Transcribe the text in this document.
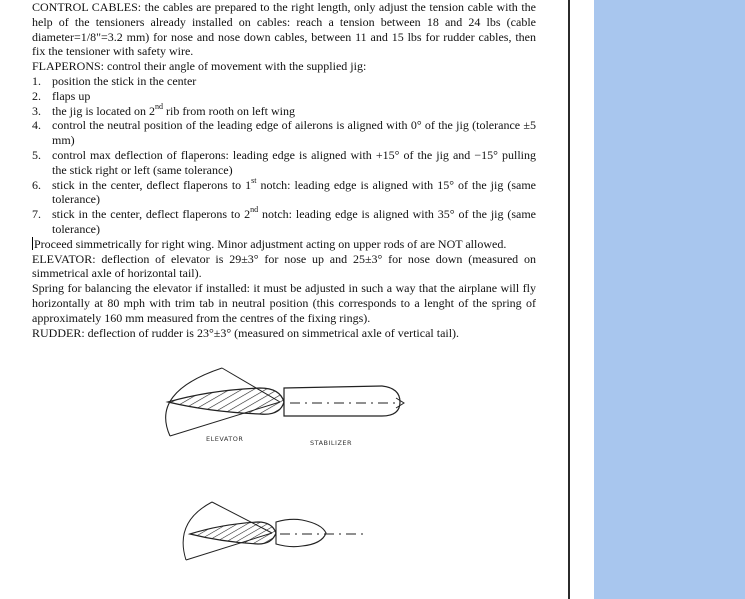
CONTROL CABLES: the cables are prepared to the right length, only adjust the tension cable with the help of the tensioners already installed on cables: reach a tension between 18 and 24 lbs (cable diameter=1/8"=3.2 mm) for nose and nose down cables, between 11 and 15 lbs for rudder cables, then fix the tensioner with safety wire.

FLAPERONS: control their angle of movement with the supplied jig:

1. position the stick in the center
2. flaps up
3. the jig is located on 2nd rib from rooth on left wing
4. control the neutral position of the leading edge of ailerons is aligned with 0° of the jig (tolerance ±5 mm)
5. control max deflection of flaperons: leading edge is aligned with +15° of the jig and −15° pulling the stick right or left (same tolerance)
6. stick in the center, deflect flaperons to 1st notch: leading edge is aligned with 15° of the jig (same tolerance)
7. stick in the center, deflect flaperons to 2nd notch: leading edge is aligned with 35° of the jig (same tolerance)

Proceed simmetrically for right wing. Minor adjustment acting on upper rods of are NOT allowed.

ELEVATOR: deflection of elevator is 29±3° for nose up and 25±3° for nose down (measured on simmetrical axle of horizontal tail).

Spring for balancing the elevator if installed: it must be adjusted in such a way that the airplane will fly horizontally at 80 mph with trim tab in neutral position (this corresponds to a lenght of the spring of approximately 160 mm measured from the centres of the fixing rings).

RUDDER: deflection of rudder is 23°±3° (measured on simmetrical axle of vertical tail).

ELEVATOR	STABILIZER
